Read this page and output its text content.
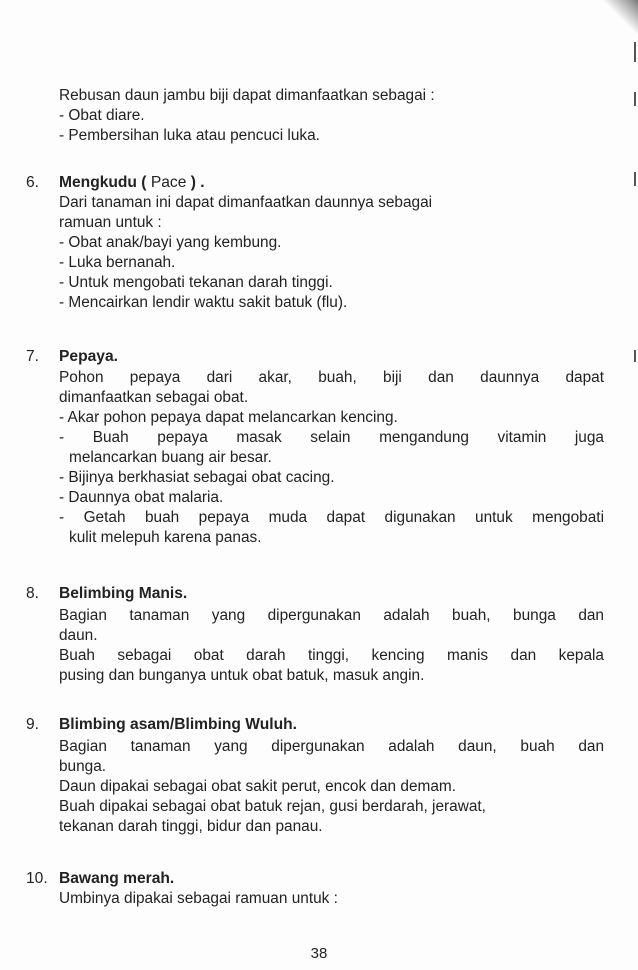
Rebusan daun jambu biji dapat dimanfaatkan sebagai :
- Obat diare.
- Pembersihan luka atau pencuci luka.
6. Mengkudu ( Pace ) .
Dari tanaman ini dapat dimanfaatkan daunnya sebagai
ramuan untuk :
- Obat anak/bayi yang kembung.
- Luka bernanah.
- Untuk mengobati tekanan darah tinggi.
- Mencairkan lendir waktu sakit batuk (flu).
7. Pepaya.
Pohon pepaya dari akar, buah, biji dan daunnya dapat
dimanfaatkan sebagai obat.
- Akar pohon pepaya dapat melancarkan kencing.
- Buah pepaya masak selain mengandung vitamin juga
melancarkan buang air besar.
- Bijinya berkhasiat sebagai obat cacing.
- Daunnya obat malaria.
- Getah buah pepaya muda dapat digunakan untuk mengobati
kulit melepuh karena panas.
8. Belimbing Manis.
Bagian tanaman yang dipergunakan adalah buah, bunga dan
daun.
Buah sebagai obat darah tinggi, kencing manis dan kepala
pusing dan bunganya untuk obat batuk, masuk angin.
9. Blimbing asam/Blimbing Wuluh.
Bagian tanaman yang dipergunakan adalah daun, buah dan
bunga.
Daun dipakai sebagai obat sakit perut, encok dan demam.
Buah dipakai sebagai obat batuk rejan, gusi berdarah, jerawat,
tekanan darah tinggi, bidur dan panau.
10. Bawang merah.
Umbinya dipakai sebagai ramuan untuk :
38
